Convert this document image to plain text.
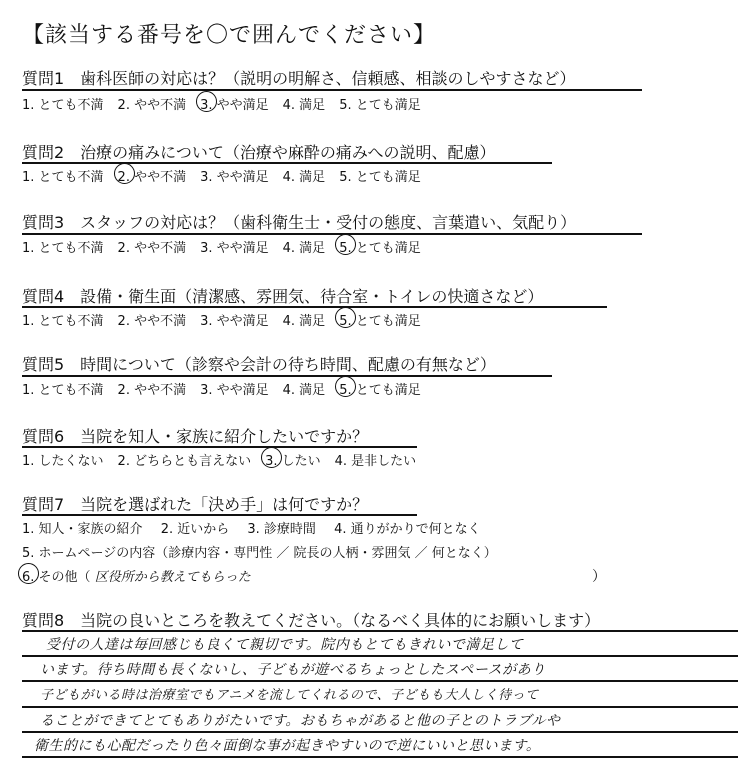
【該当する番号を〇で囲んでください】
質問1　歯科医師の対応は？（説明の明解さ、信頼感、相談のしやすさなど）
1. とても不満 2. やや不満 3. やや満足 4. 満足 5. とても満足
質問2　治療の痛みについて（治療や麻酔の痛みへの説明、配慮）
1. とても不満 2. やや不満 3. やや満足 4. 満足 5. とても満足
質問3　スタッフの対応は？（歯科衛生士・受付の態度、言葉遣い、気配り）
1. とても不満 2. やや不満 3. やや満足 4. 満足 5. とても満足
質問4　設備・衛生面（清潔感、雰囲気、待合室・トイレの快適さなど）
1. とても不満 2. やや不満 3. やや満足 4. 満足 5. とても満足
質問5　時間について（診察や会計の待ち時間、配慮の有無など）
1. とても不満 2. やや不満 3. やや満足 4. 満足 5. とても満足
質問6　当院を知人・家族に紹介したいですか？
1. したくない 2. どちらとも言えない 3. したい 4. 是非したい
質問7　当院を選ばれた「決め手」は何ですか？
1. 知人・家族の紹介 2. 近いから 3. 診療時間 4. 通りがかりで何となく
5. ホームページの内容（診療内容・専門性 ／ 院長の人柄・雰囲気 ／ 何となく）
6. その他（ 区役所から教えてもらった	）
質問8　当院の良いところを教えてください。（なるべく具体的にお願いします）
受付の人達は毎回感じも良くて親切です。院内もとてもきれいで満足して
います。待ち時間も長くないし、子どもが遊べるちょっとしたスペースがあり
子どもがいる時は治療室でもアニメを流してくれるので、子どもも大人しく待って
ることができてとてもありがたいです。おもちゃがあると他の子とのトラブルや
衛生的にも心配だったり色々面倒な事が起きやすいので逆にいいと思います。
